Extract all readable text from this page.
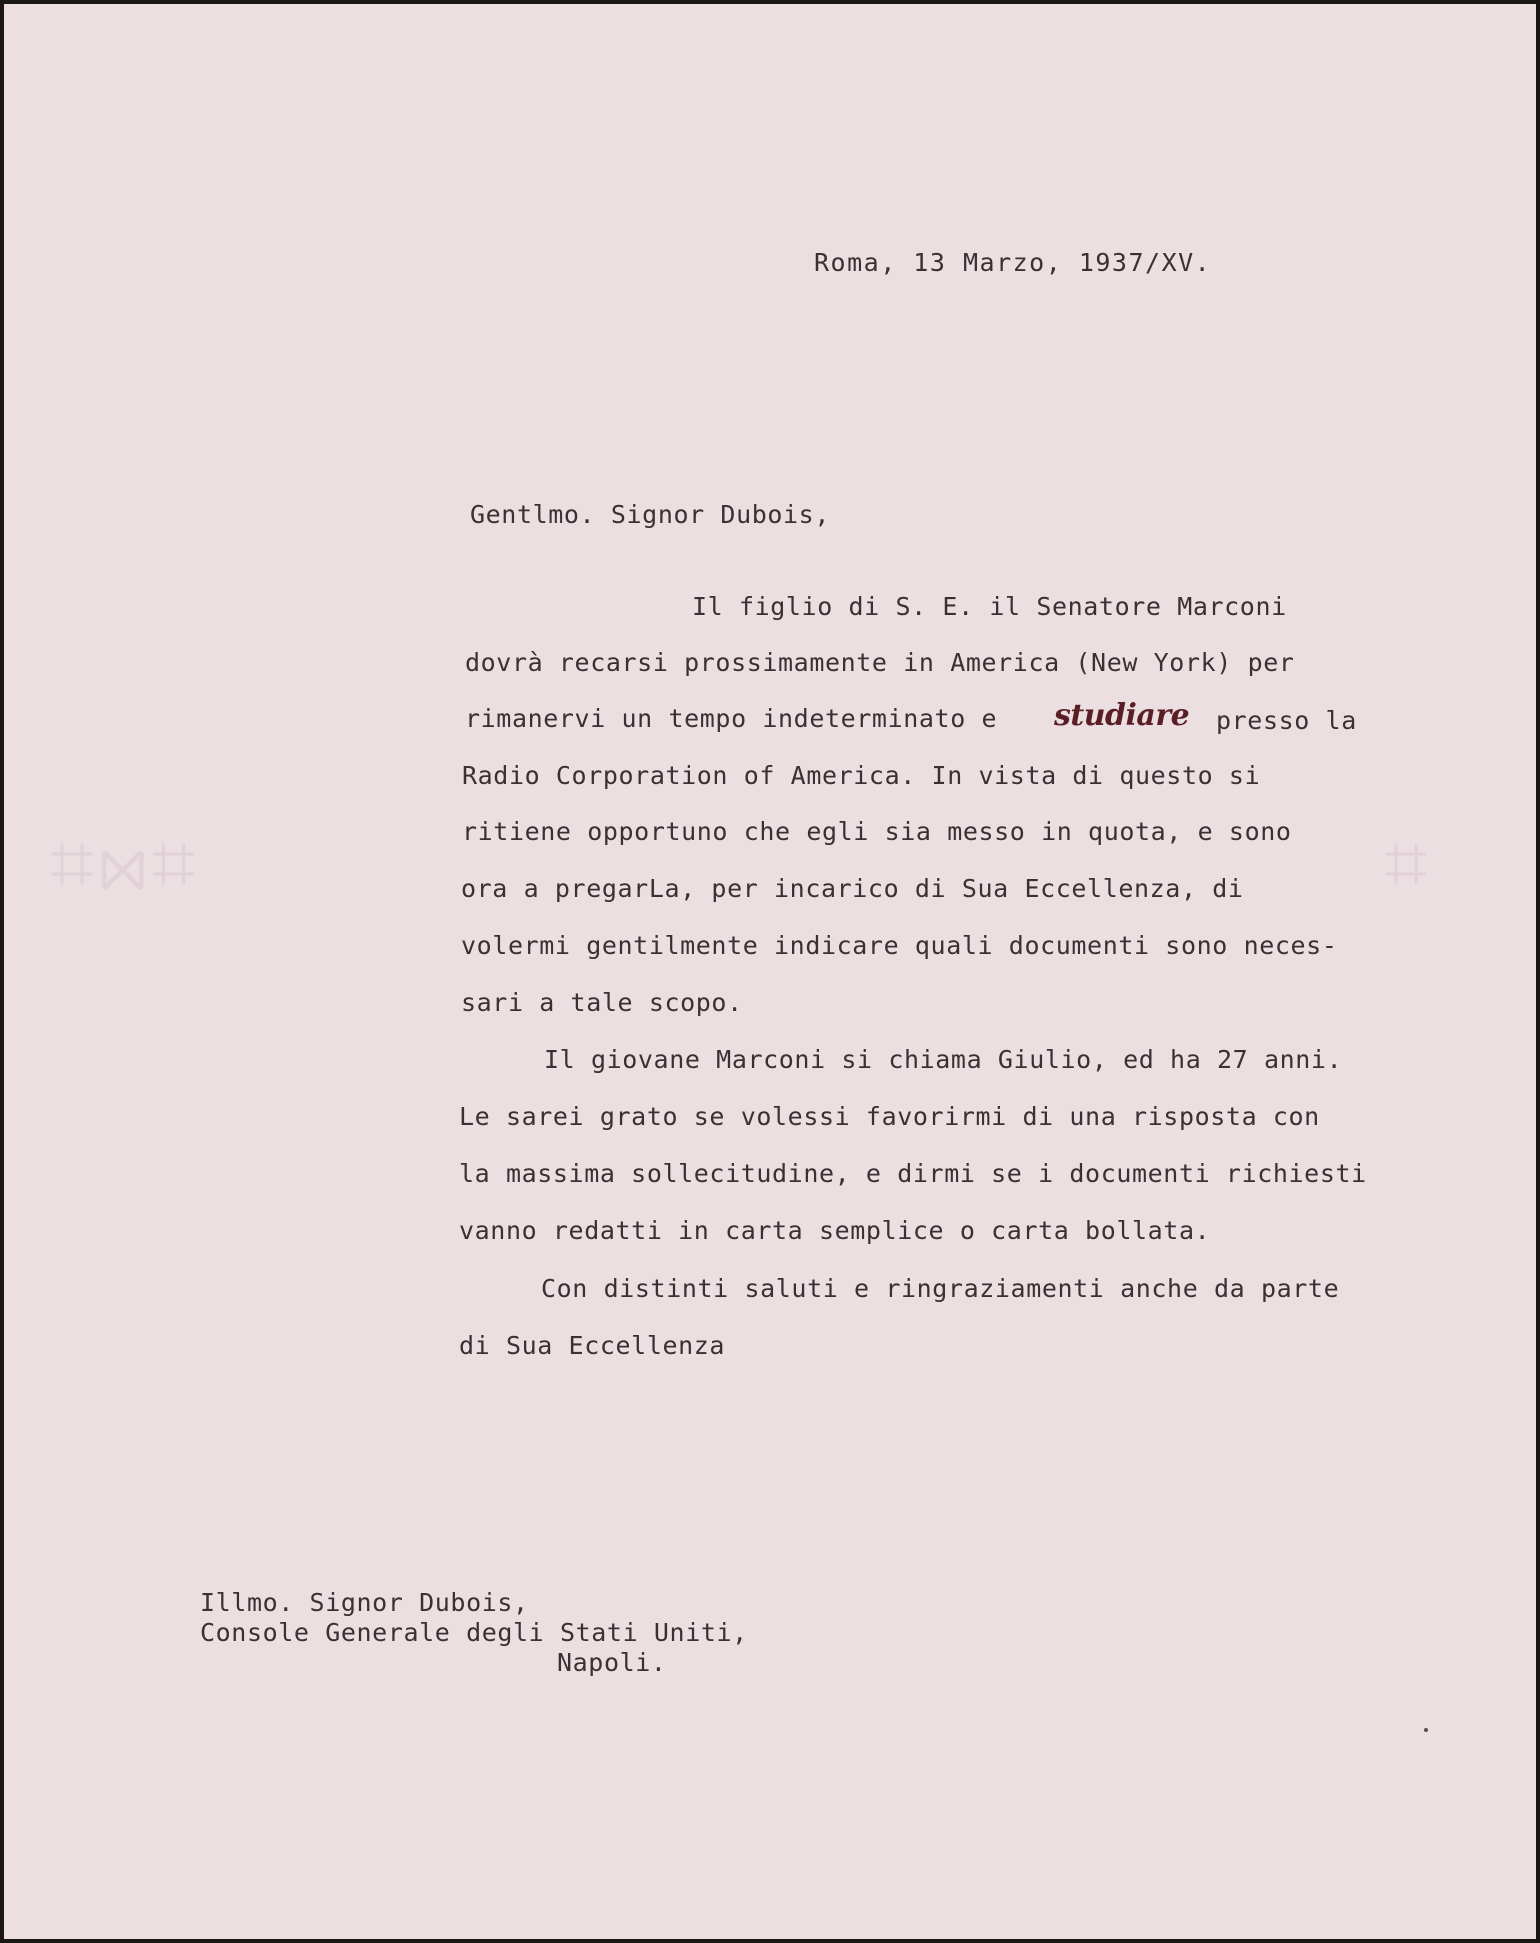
⌗⋈⌗	⌗
Roma, 13 Marzo, 1937/XV.
Gentlmo. Signor Dubois,
Il figlio di S. E. il Senatore Marconi
dovrà recarsi prossimamente in America (New York) per
rimanervi un tempo indeterminato e studiare presso la
Radio Corporation of America. In vista di questo si
ritiene opportuno che egli sia messo in quota, e sono
ora a pregarLa, per incarico di Sua Eccellenza, di
volermi gentilmente indicare quali documenti sono neces-
sari a tale scopo.
Il giovane Marconi si chiama Giulio, ed ha 27 anni.
Le sarei grato se volessi favorirmi di una risposta con
la massima sollecitudine, e dirmi se i documenti richiesti
vanno redatti in carta semplice o carta bollata.
Con distinti saluti e ringraziamenti anche da parte
di Sua Eccellenza
Illmo. Signor Dubois,
Console Generale degli Stati Uniti,
Napoli.
